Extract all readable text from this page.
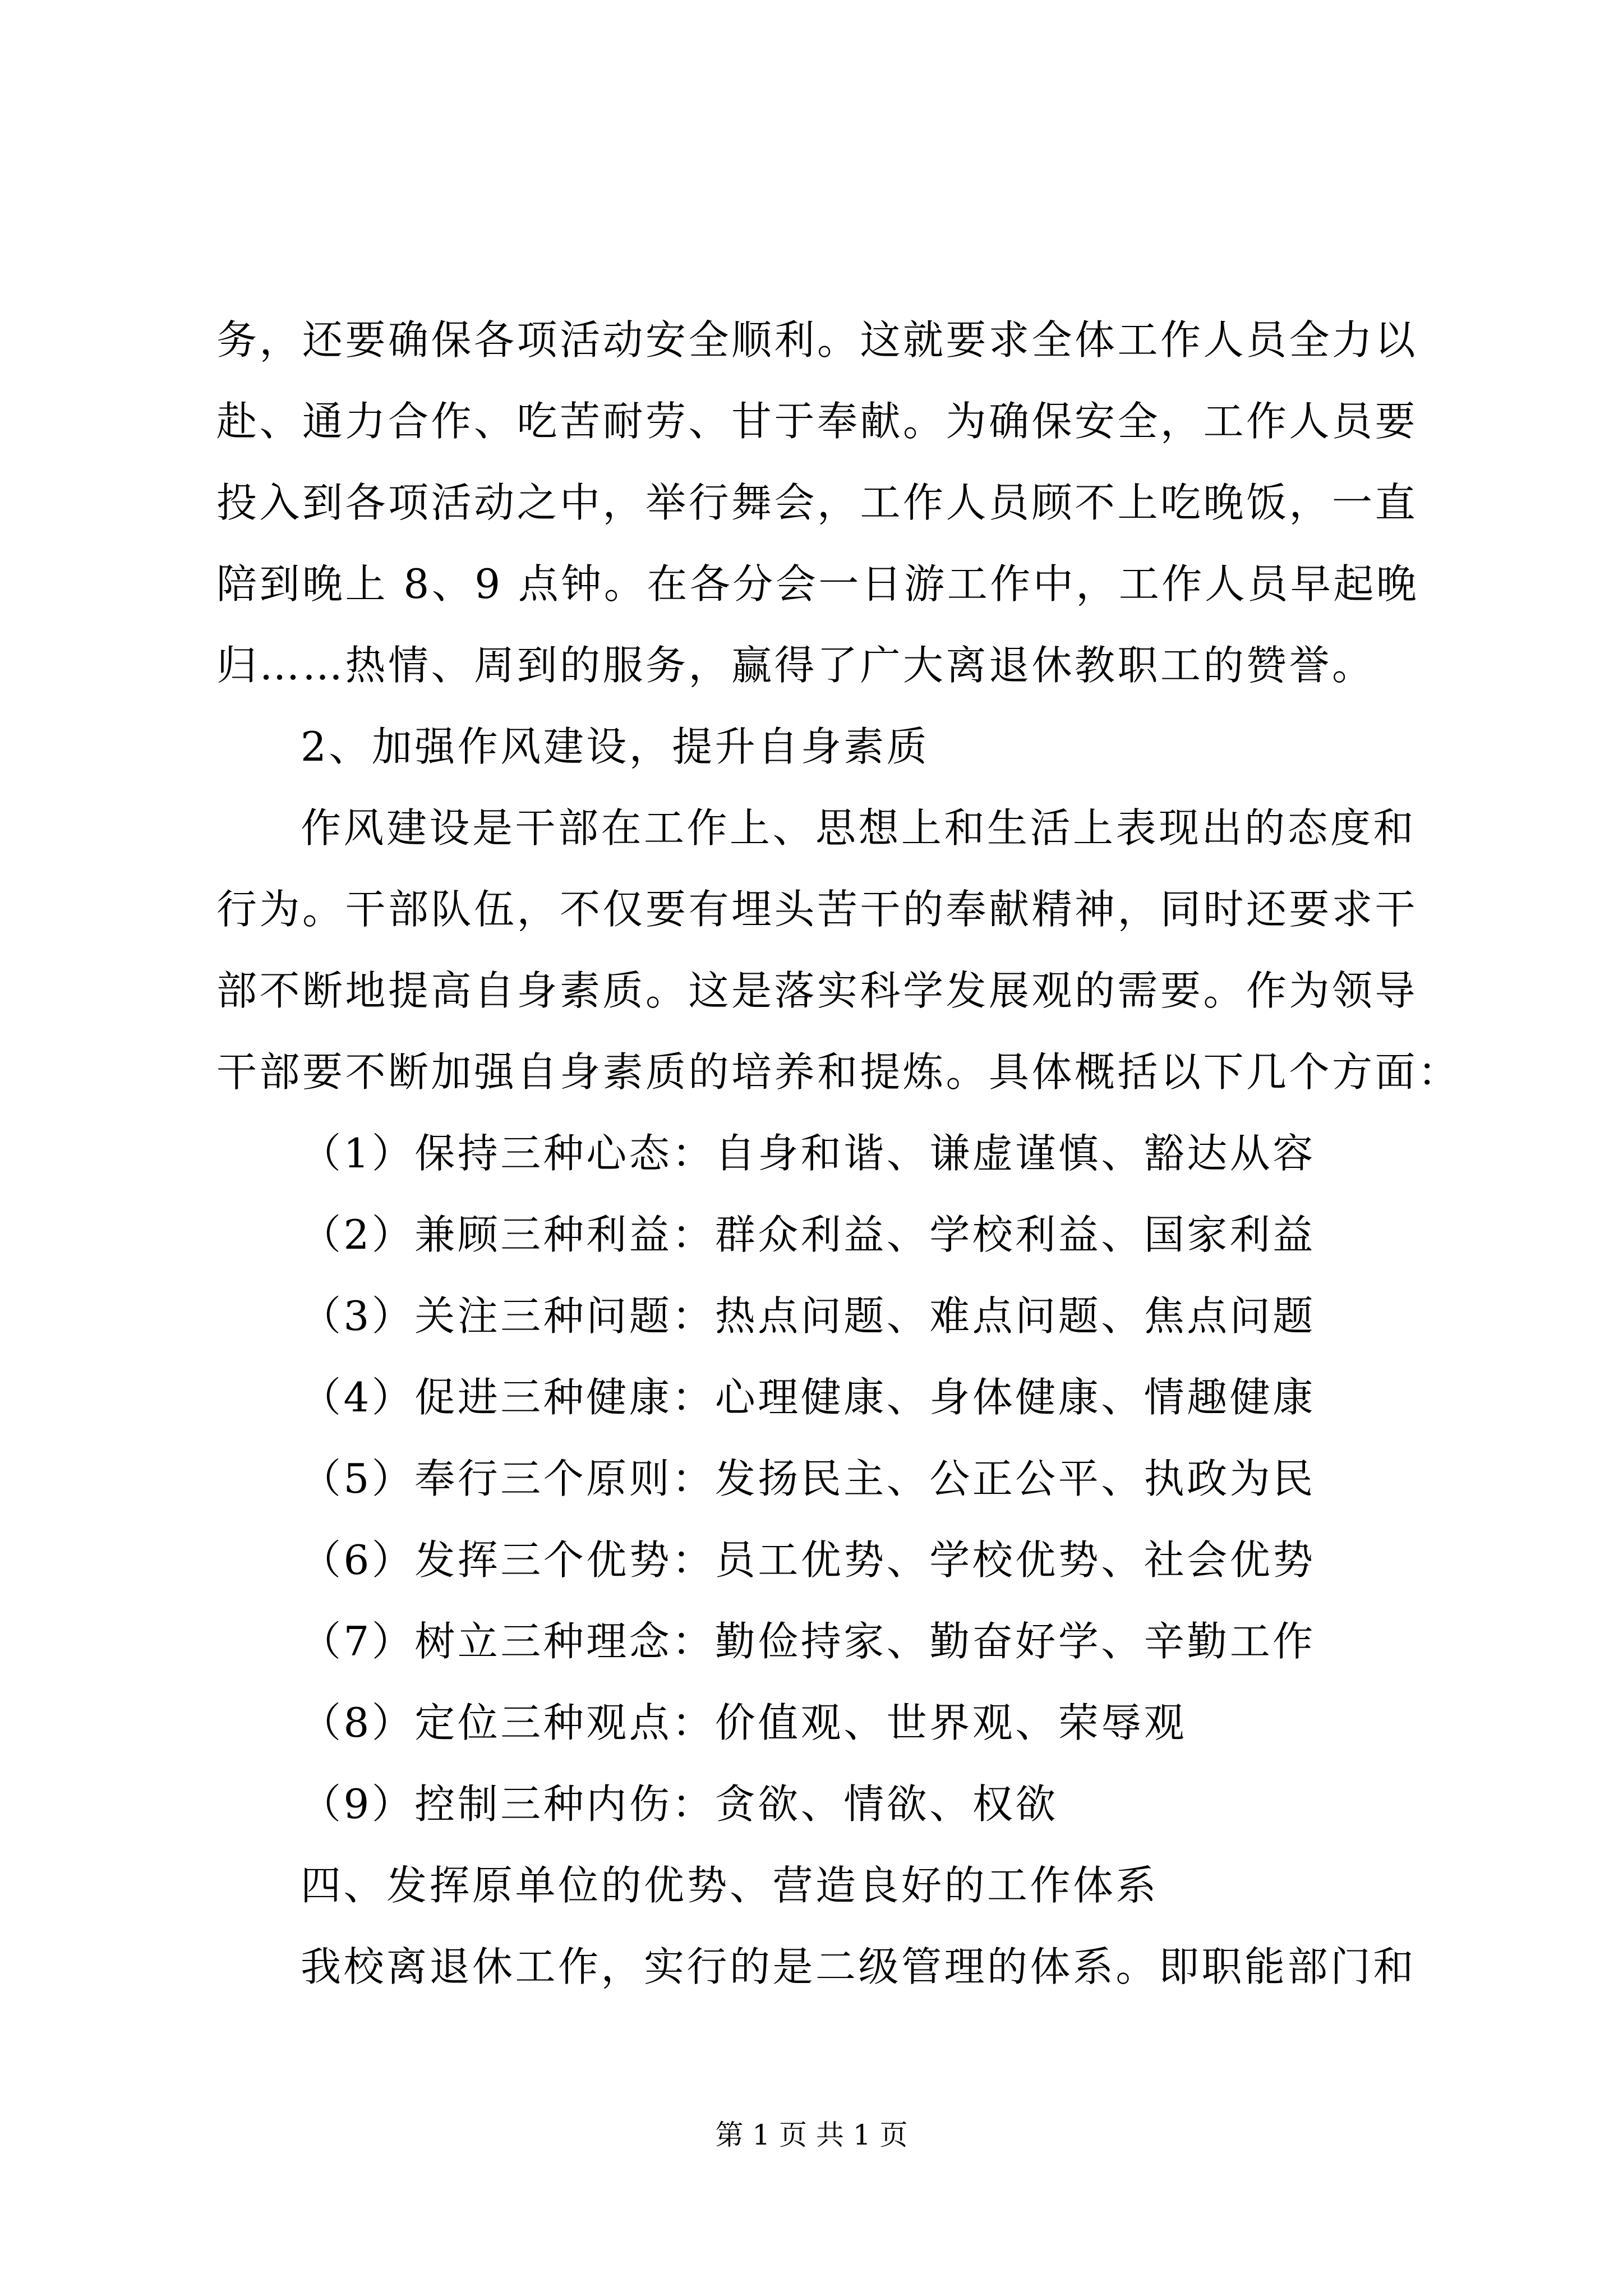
务，还要确保各项活动安全顺利。这就要求全体工作人员全力以
赴、通力合作、吃苦耐劳、甘于奉献。为确保安全，工作人员要
投入到各项活动之中，举行舞会，工作人员顾不上吃晚饭，一直
陪到晚上 8、9 点钟。在各分会一日游工作中，工作人员早起晚
归……热情、周到的服务，赢得了广大离退休教职工的赞誉。
2、加强作风建设，提升自身素质
作风建设是干部在工作上、思想上和生活上表现出的态度和
行为。干部队伍，不仅要有埋头苦干的奉献精神，同时还要求干
部不断地提高自身素质。这是落实科学发展观的需要。作为领导
干部要不断加强自身素质的培养和提炼。具体概括以下几个方面：
（1）保持三种心态：自身和谐、谦虚谨慎、豁达从容
（2）兼顾三种利益：群众利益、学校利益、国家利益
（3）关注三种问题：热点问题、难点问题、焦点问题
（4）促进三种健康：心理健康、身体健康、情趣健康
（5）奉行三个原则：发扬民主、公正公平、执政为民
（6）发挥三个优势：员工优势、学校优势、社会优势
（7）树立三种理念：勤俭持家、勤奋好学、辛勤工作
（8）定位三种观点：价值观、世界观、荣辱观
（9）控制三种内伤：贪欲、情欲、权欲
四、发挥原单位的优势、营造良好的工作体系
我校离退休工作，实行的是二级管理的体系。即职能部门和
第 1 页 共 1 页
